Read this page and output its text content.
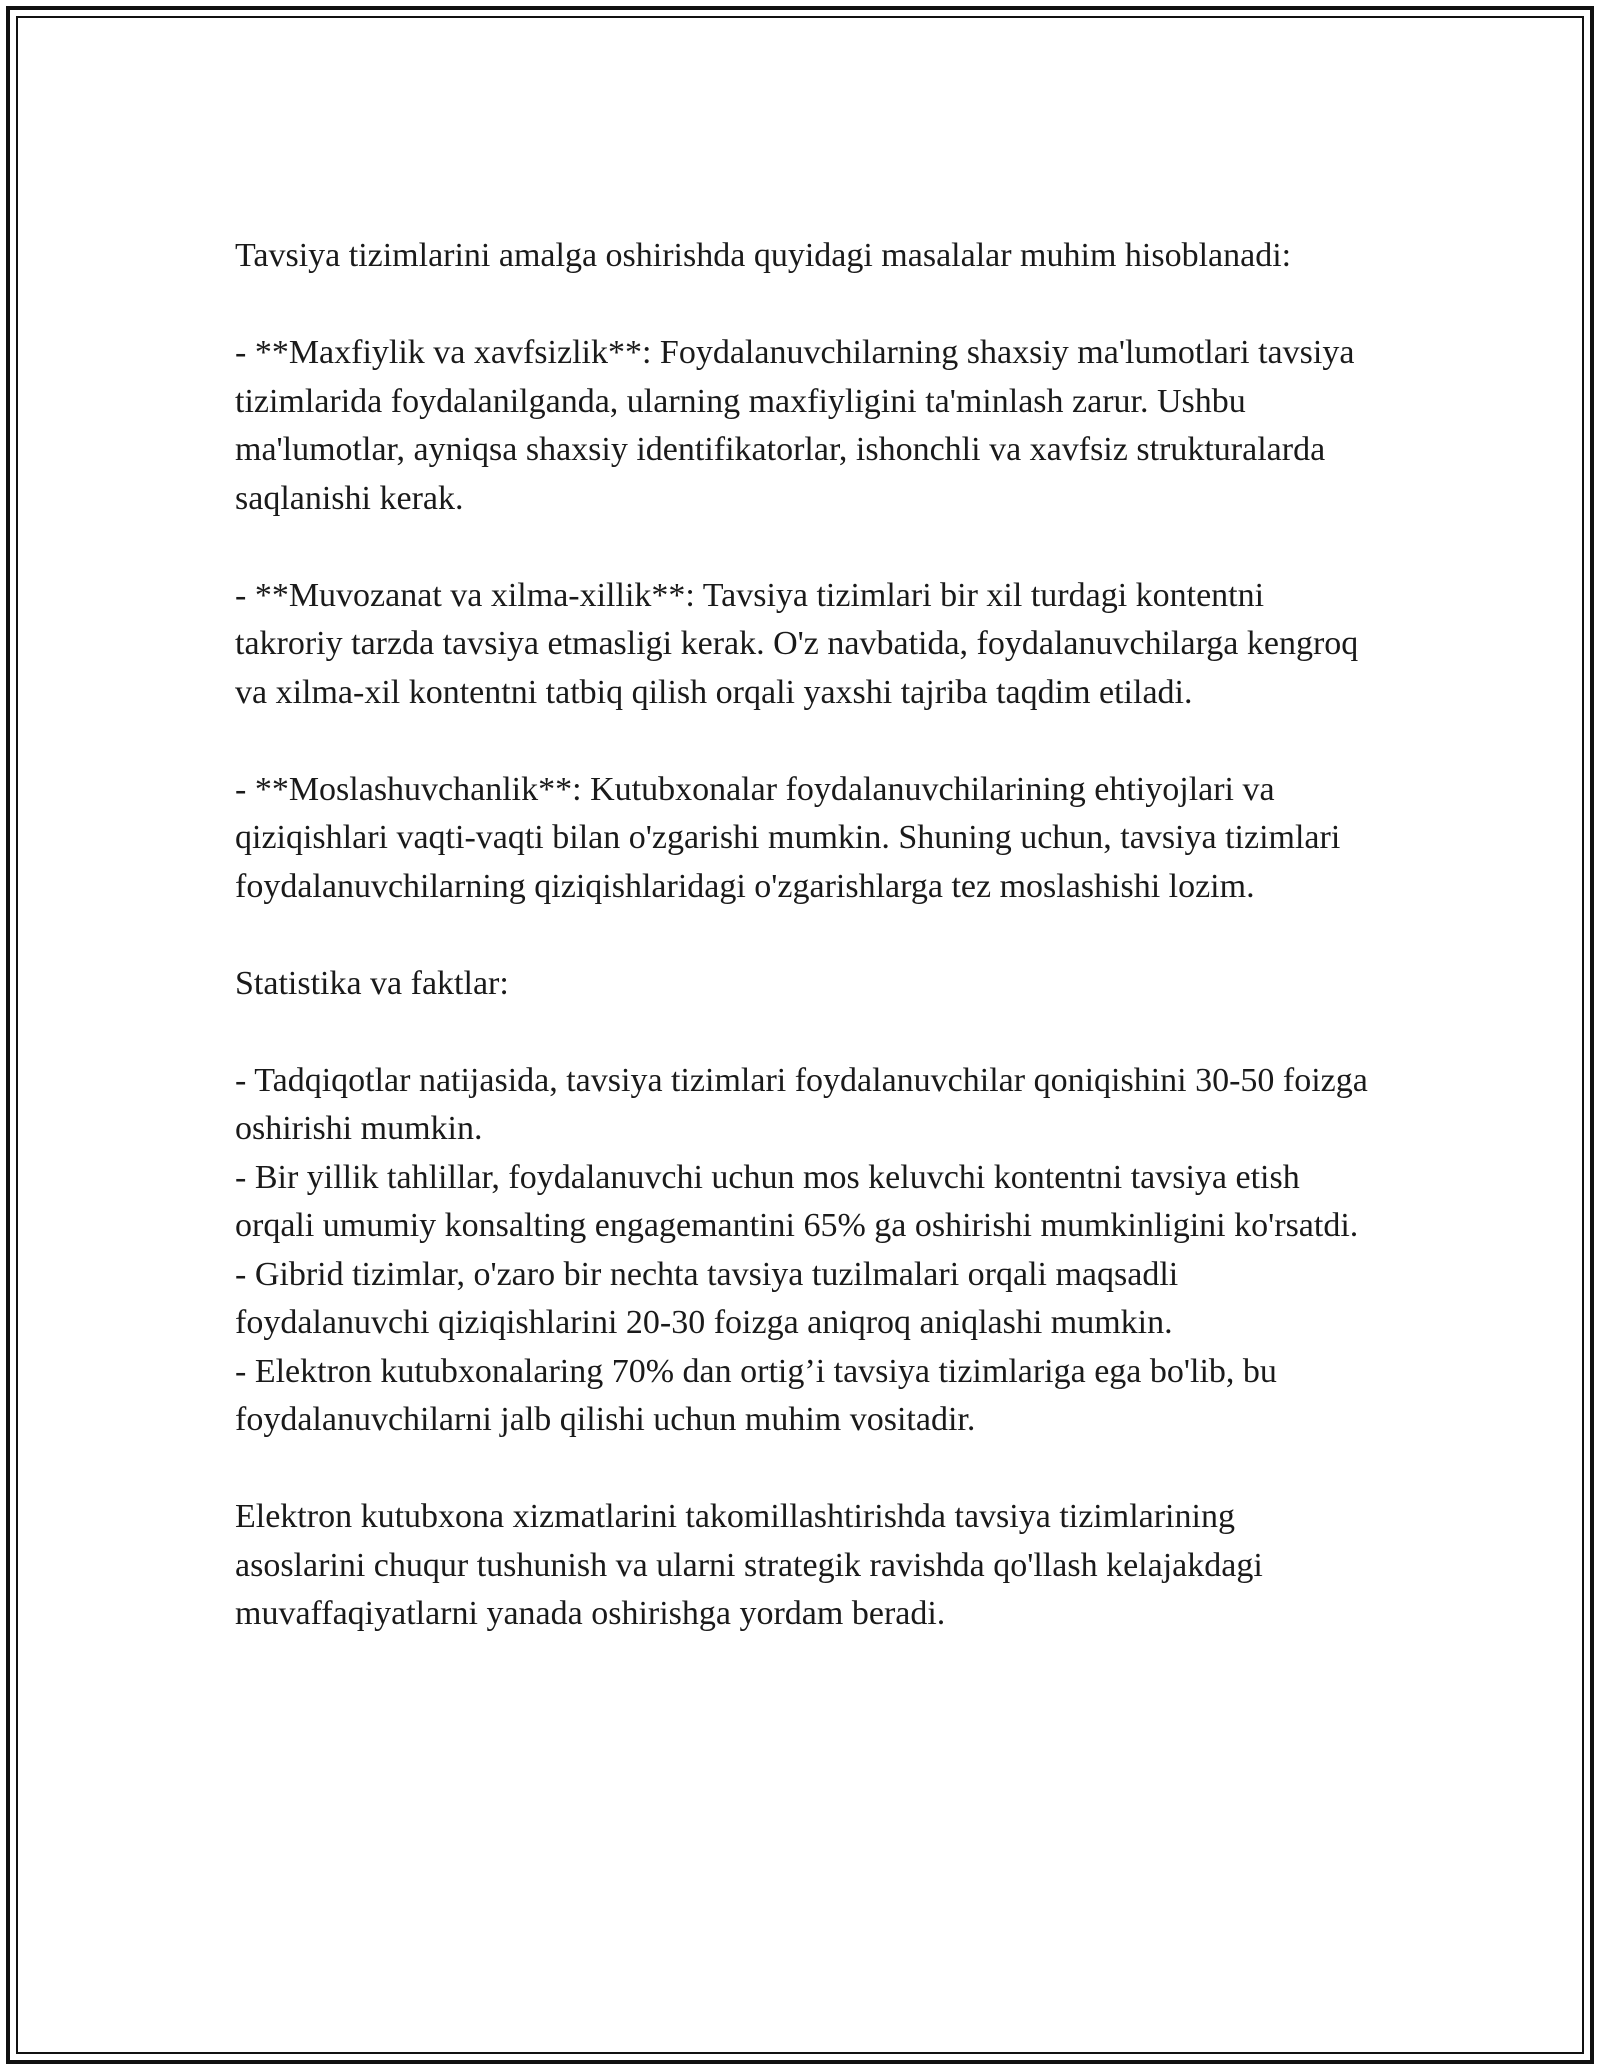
Tavsiya tizimlarini amalga oshirishda quyidagi masalalar muhim hisoblanadi:

- **Maxfiylik va xavfsizlik**: Foydalanuvchilarning shaxsiy ma'lumotlari tavsiya tizimlarida foydalanilganda, ularning maxfiyligini ta'minlash zarur. Ushbu ma'lumotlar, ayniqsa shaxsiy identifikatorlar, ishonchli va xavfsiz strukturalarda saqlanishi kerak.

- **Muvozanat va xilma-xillik**: Tavsiya tizimlari bir xil turdagi kontentni takroriy tarzda tavsiya etmasligi kerak. O'z navbatida, foydalanuvchilarga kengroq va xilma-xil kontentni tatbiq qilish orqali yaxshi tajriba taqdim etiladi.

- **Moslashuvchanlik**: Kutubxonalar foydalanuvchilarining ehtiyojlari va qiziqishlari vaqti-vaqti bilan o'zgarishi mumkin. Shuning uchun, tavsiya tizimlari foydalanuvchilarning qiziqishlaridagi o'zgarishlarga tez moslashishi lozim.

Statistika va faktlar:

- Tadqiqotlar natijasida, tavsiya tizimlari foydalanuvchilar qoniqishini 30-50 foizga oshirishi mumkin.
- Bir yillik tahlillar, foydalanuvchi uchun mos keluvchi kontentni tavsiya etish orqali umumiy konsalting engagemantini 65% ga oshirishi mumkinligini ko'rsatdi.
- Gibrid tizimlar, o'zaro bir nechta tavsiya tuzilmalari orqali maqsadli foydalanuvchi qiziqishlarini 20-30 foizga aniqroq aniqlashi mumkin.
- Elektron kutubxonalaring 70% dan ortig’i tavsiya tizimlariga ega bo'lib, bu foydalanuvchilarni jalb qilishi uchun muhim vositadir.

Elektron kutubxona xizmatlarini takomillashtirishda tavsiya tizimlarining asoslarini chuqur tushunish va ularni strategik ravishda qo'llash kelajakdagi muvaffaqiyatlarni yanada oshirishga yordam beradi.
